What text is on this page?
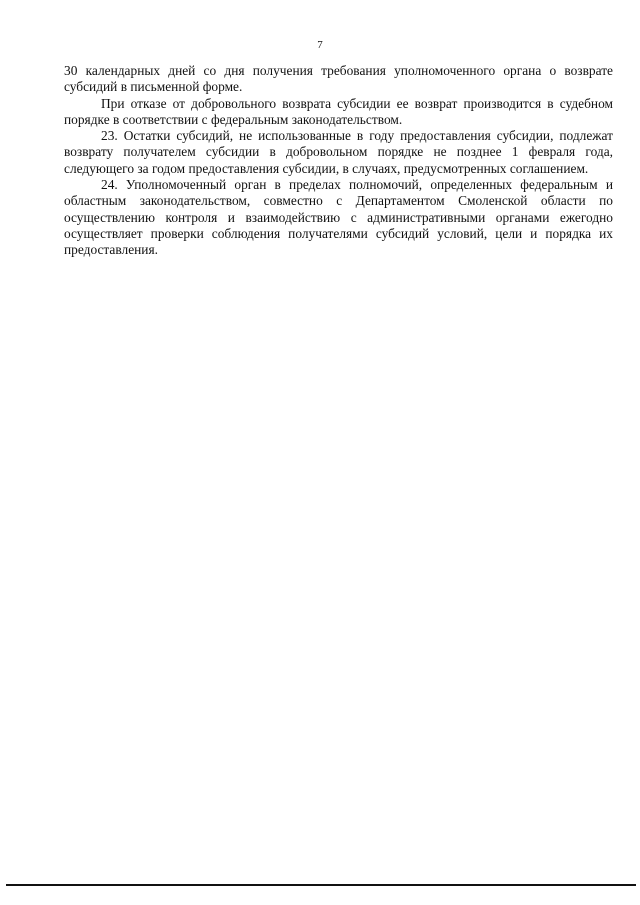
7

30 календарных дней со дня получения требования уполномоченного органа о возврате субсидий в письменной форме.

При отказе от добровольного возврата субсидии ее возврат производится в судебном порядке в соответствии с федеральным законодательством.

23. Остатки субсидий, не использованные в году предоставления субсидии, подлежат возврату получателем субсидии в добровольном порядке не позднее 1 февраля года, следующего за годом предоставления субсидии, в случаях, предусмотренных соглашением.

24. Уполномоченный орган в пределах полномочий, определенных федеральным и областным законодательством, совместно с Департаментом Смоленской области по осуществлению контроля и взаимодействию с административными органами ежегодно осуществляет проверки соблюдения получателями субсидий условий, цели и порядка их предоставления.
